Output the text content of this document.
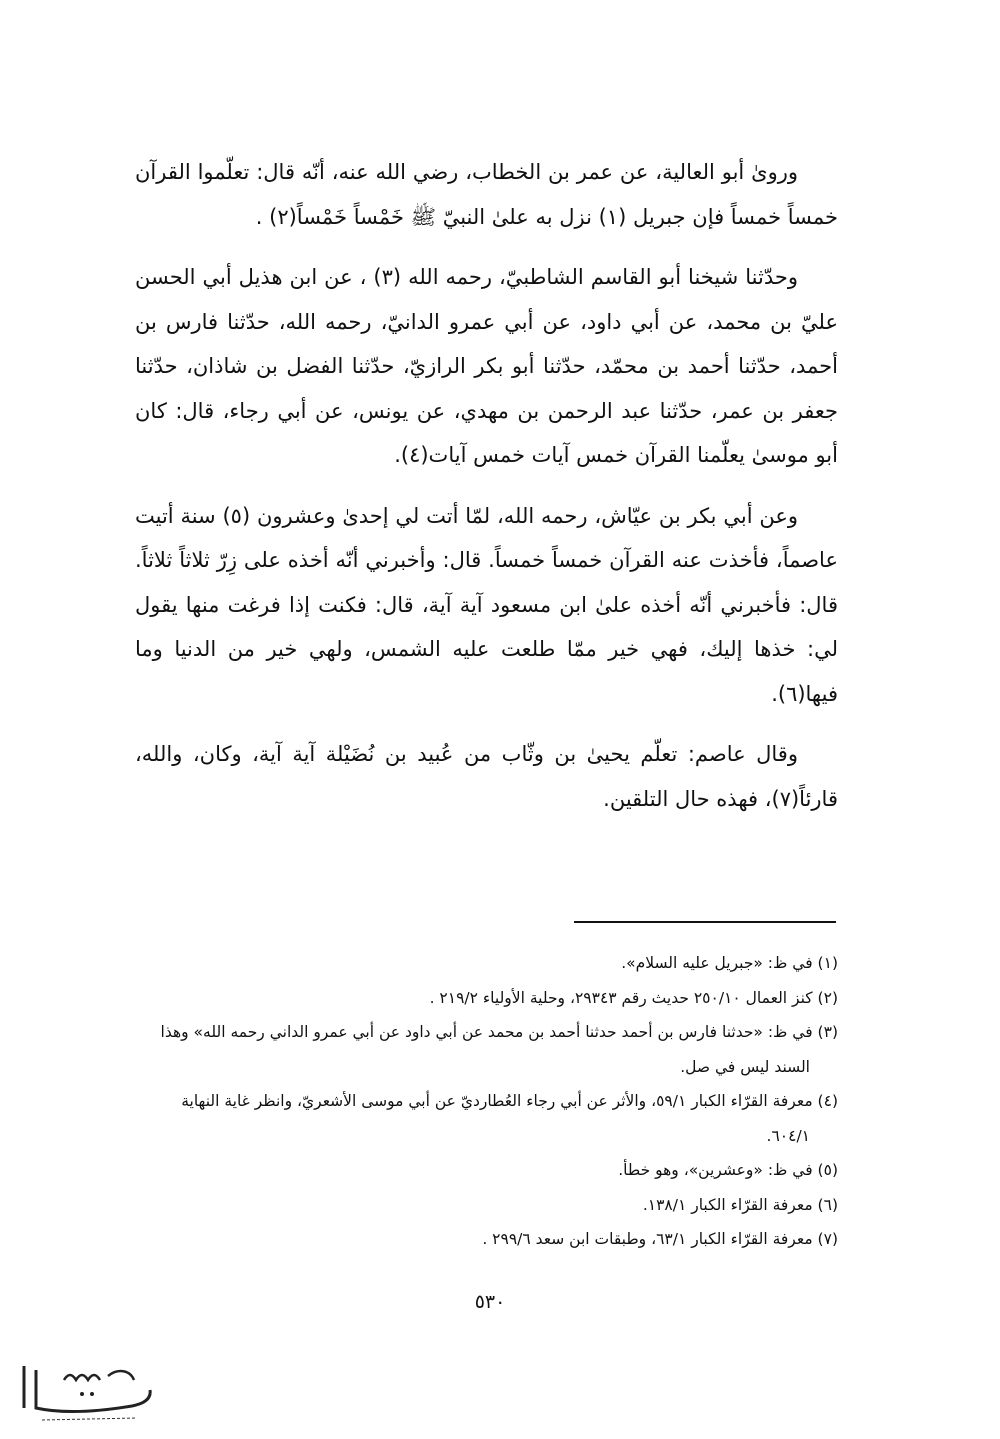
وروىٰ أبو العالية، عن عمر بن الخطاب، رضي الله عنه، أنّه قال: تعلّموا القرآن خمساً خمساً فإن جبريل (١) نزل به علىٰ النبيّ ﷺ خَمْساً خَمْساً(٢) .

وحدّثنا شيخنا أبو القاسم الشاطبيّ، رحمه الله (٣) ، عن ابن هذيل أبي الحسن عليّ بن محمد، عن أبي داود، عن أبي عمرو الدانيّ، رحمه الله، حدّثنا فارس بن أحمد، حدّثنا أحمد بن محمّد، حدّثنا أبو بكر الرازيّ، حدّثنا الفضل بن شاذان، حدّثنا جعفر بن عمر، حدّثنا عبد الرحمن بن مهدي، عن يونس، عن أبي رجاء، قال: كان أبو موسىٰ يعلّمنا القرآن خمس آيات خمس آيات(٤).

وعن أبي بكر بن عيّاش، رحمه الله، لمّا أتت لي إحدىٰ وعشرون (٥) سنة أتيت عاصماً، فأخذت عنه القرآن خمساً خمساً. قال: وأخبرني أنّه أخذه على زِرّ ثلاثاً ثلاثاً. قال: فأخبرني أنّه أخذه علىٰ ابن مسعود آية آية، قال: فكنت إذا فرغت منها يقول لي: خذها إليك، فهي خير ممّا طلعت عليه الشمس، ولهي خير من الدنيا وما فيها(٦).

وقال عاصم: تعلّم يحيىٰ بن وثّاب من عُبيد بن نُضَيْلة آية آية، وكان، والله، قارئاً(٧)، فهذه حال التلقين.

(١) في ظ: «جبريل عليه السلام».

(٢) كنز العمال ٢٥٠/١٠ حديث رقم ٢٩٣٤٣، وحلية الأولياء ٢١٩/٢ .

(٣) في ظ: «حدثنا فارس بن أحمد حدثنا أحمد بن محمد عن أبي داود عن أبي عمرو الداني رحمه الله» وهذا السند ليس في صل.

(٤) معرفة القرّاء الكبار ٥٩/١، والأثر عن أبي رجاء العُطارديّ عن أبي موسى الأشعريّ، وانظر غاية النهاية ٦٠٤/١.

(٥) في ظ: «وعشرين»، وهو خطأ.

(٦) معرفة القرّاء الكبار ١٣٨/١.

(٧) معرفة القرّاء الكبار ٦٣/١، وطبقات ابن سعد ٢٩٩/٦ .

٥٣٠
